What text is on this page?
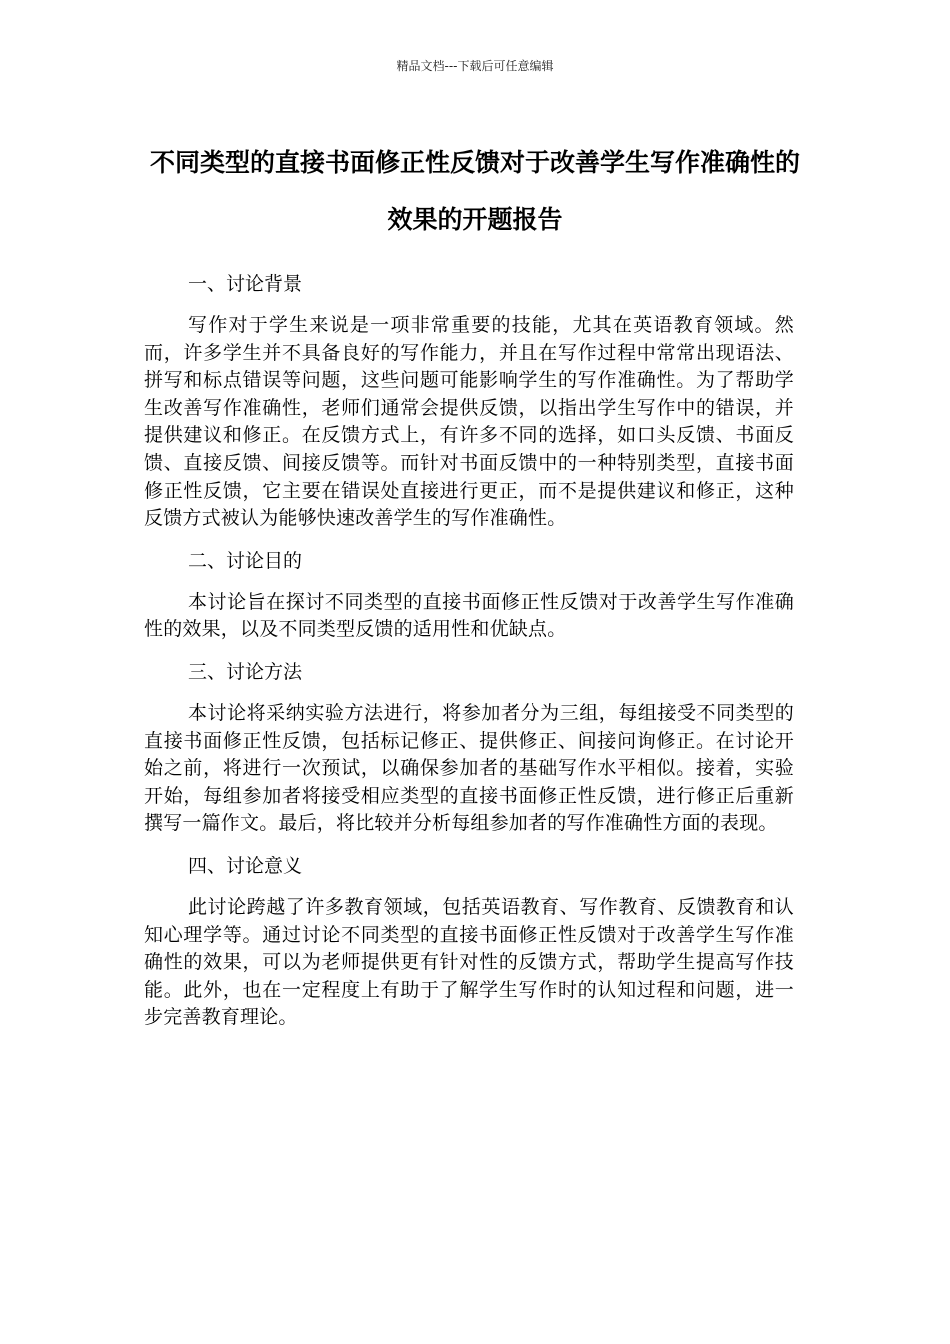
精品文档---下载后可任意编辑
不同类型的直接书面修正性反馈对于改善学生写作准确性的效果的开题报告

一、讨论背景

写作对于学生来说是一项非常重要的技能，尤其在英语教育领域。然而，许多学生并不具备良好的写作能力，并且在写作过程中常常出现语法、拼写和标点错误等问题，这些问题可能影响学生的写作准确性。为了帮助学生改善写作准确性，老师们通常会提供反馈，以指出学生写作中的错误，并提供建议和修正。在反馈方式上，有许多不同的选择，如口头反馈、书面反馈、直接反馈、间接反馈等。而针对书面反馈中的一种特别类型，直接书面修正性反馈，它主要在错误处直接进行更正，而不是提供建议和修正，这种反馈方式被认为能够快速改善学生的写作准确性。

二、讨论目的

本讨论旨在探讨不同类型的直接书面修正性反馈对于改善学生写作准确性的效果，以及不同类型反馈的适用性和优缺点。

三、讨论方法

本讨论将采纳实验方法进行，将参加者分为三组，每组接受不同类型的直接书面修正性反馈，包括标记修正、提供修正、间接问询修正。在讨论开始之前，将进行一次预试，以确保参加者的基础写作水平相似。接着，实验开始，每组参加者将接受相应类型的直接书面修正性反馈，进行修正后重新撰写一篇作文。最后，将比较并分析每组参加者的写作准确性方面的表现。

四、讨论意义

此讨论跨越了许多教育领域，包括英语教育、写作教育、反馈教育和认知心理学等。通过讨论不同类型的直接书面修正性反馈对于改善学生写作准确性的效果，可以为老师提供更有针对性的反馈方式，帮助学生提高写作技能。此外，也在一定程度上有助于了解学生写作时的认知过程和问题，进一步完善教育理论。
